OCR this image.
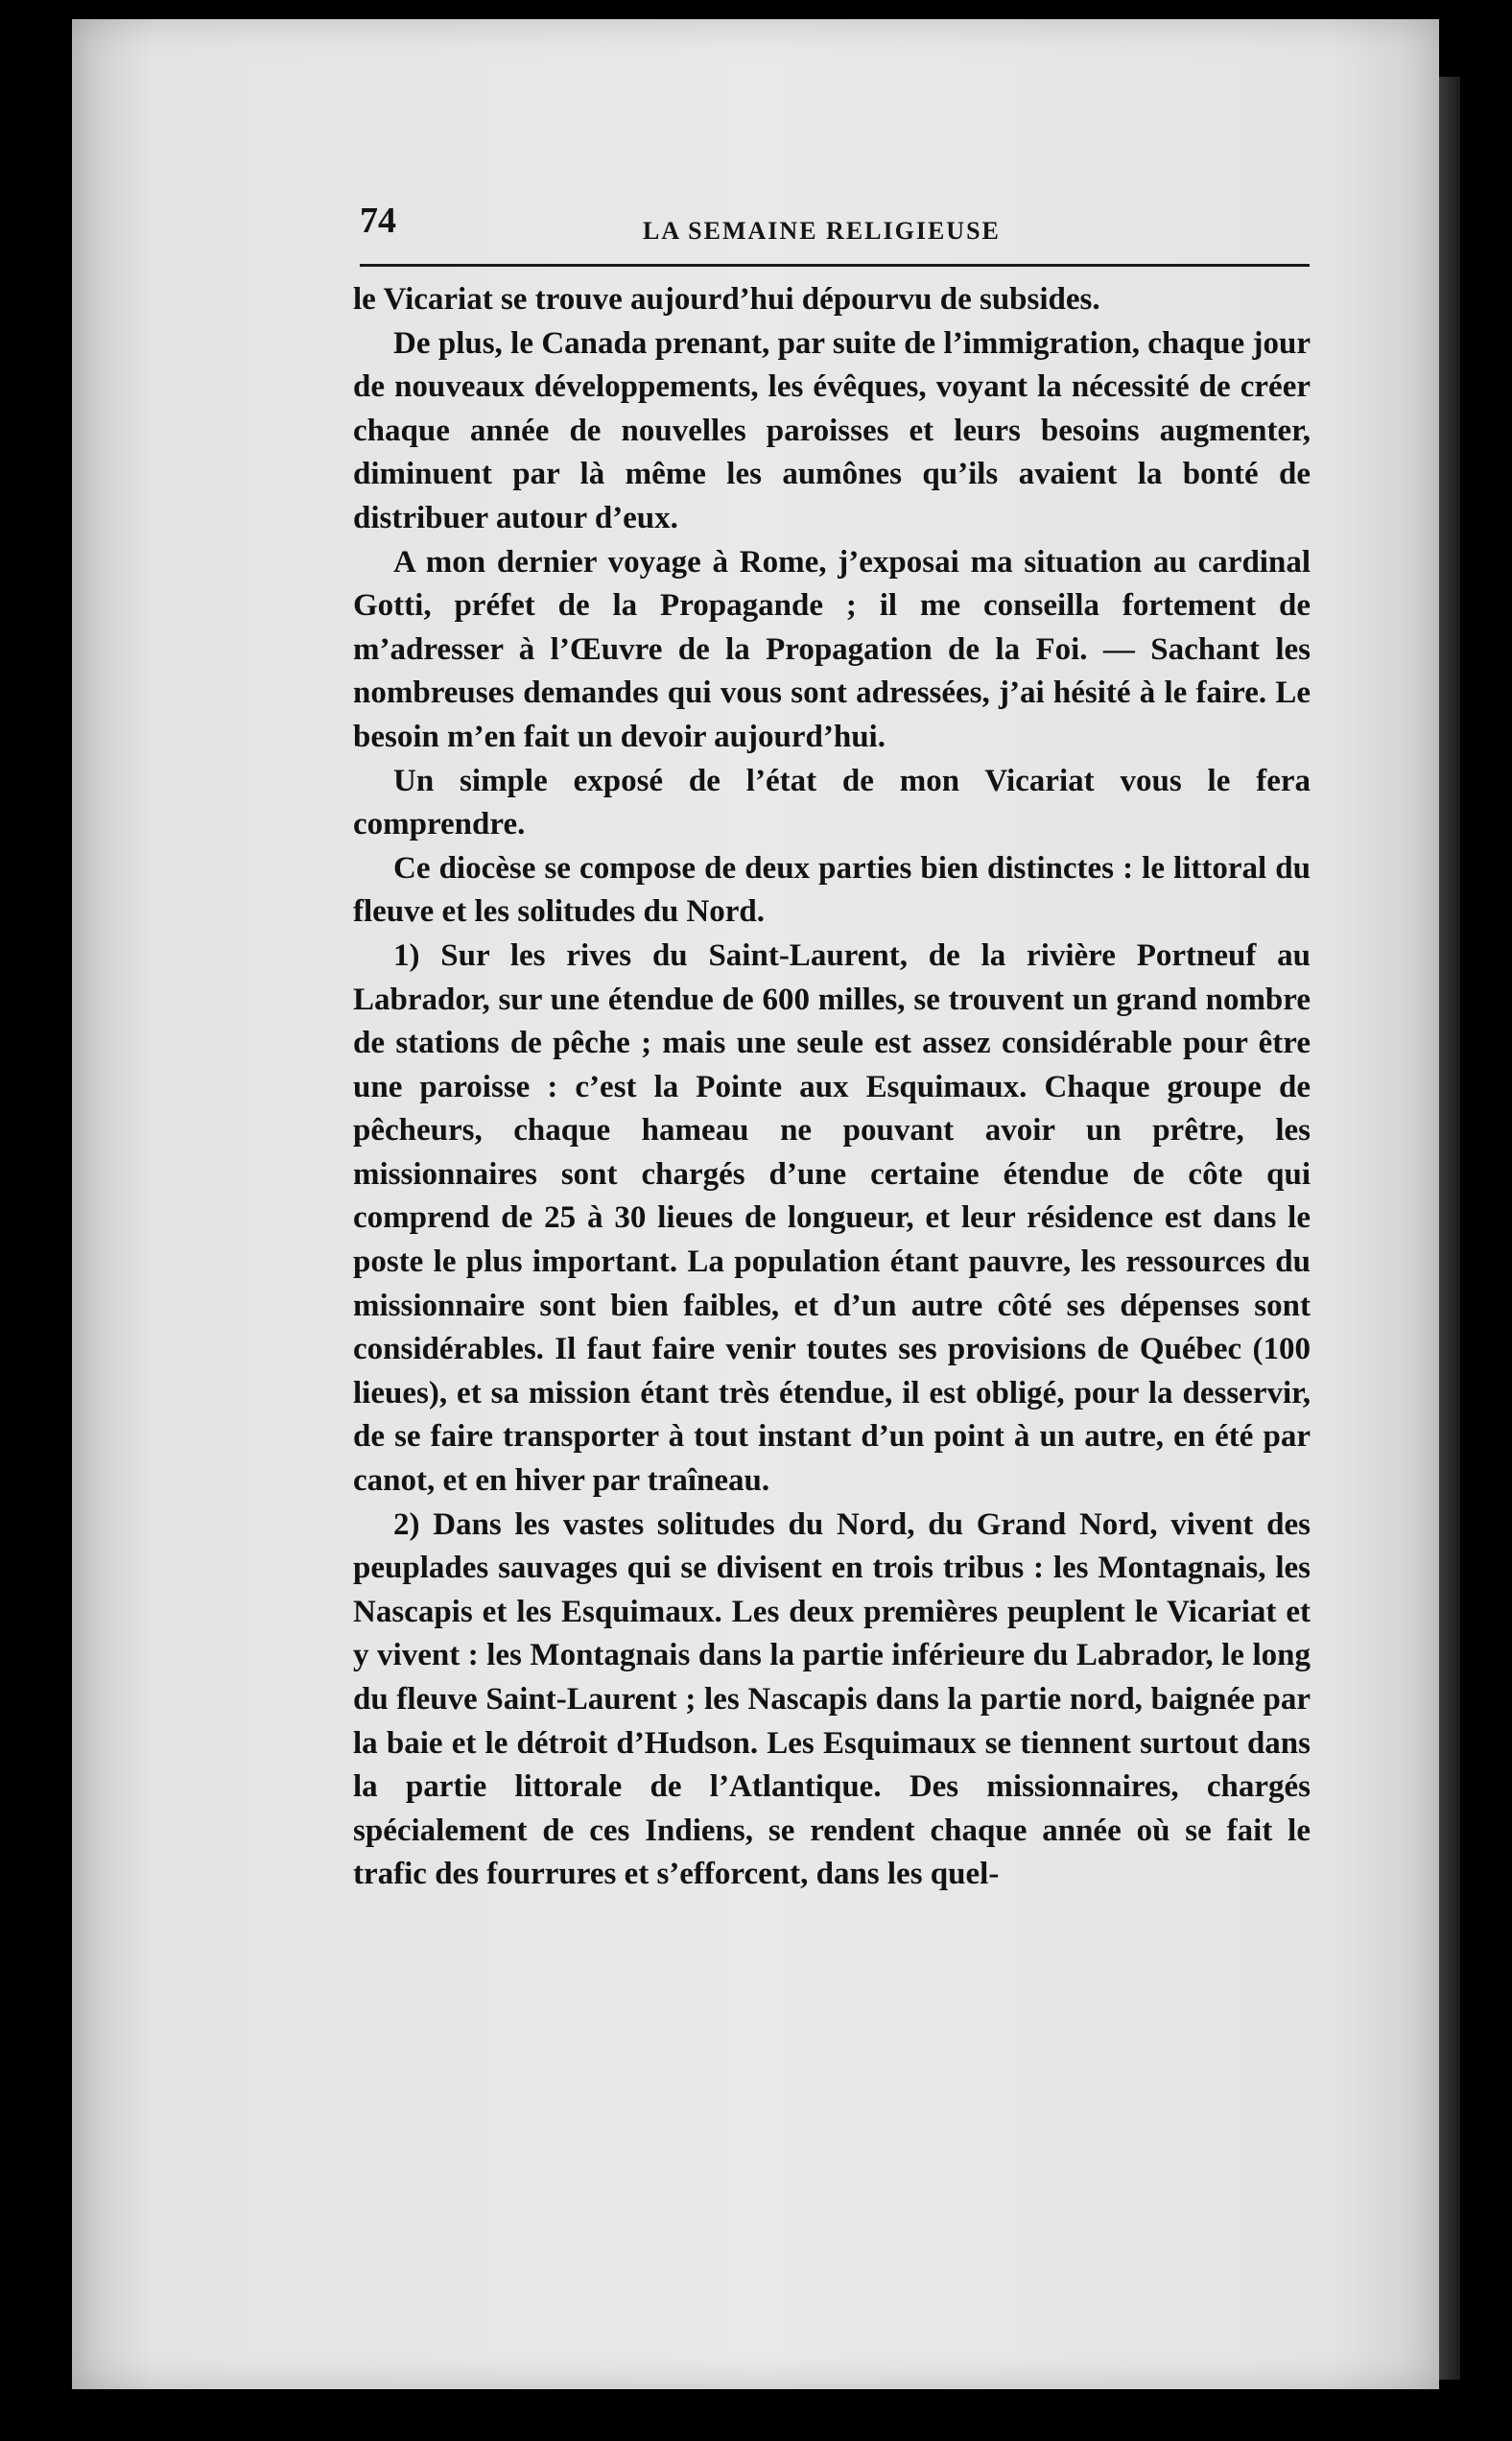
74	LA SEMAINE RELIGIEUSE

le Vicariat se trouve aujourd’hui dépourvu de subsides.

De plus, le Canada prenant, par suite de l’immigration, chaque jour de nouveaux développements, les évêques, voyant la nécessité de créer chaque année de nouvelles paroisses et leurs besoins augmenter, diminuent par là même les aumônes qu’ils avaient la bonté de distribuer autour d’eux.

A mon dernier voyage à Rome, j’exposai ma situation au cardinal Gotti, préfet de la Propagande ; il me conseilla fortement de m’adresser à l’Œuvre de la Propagation de la Foi. — Sachant les nombreuses demandes qui vous sont adressées, j’ai hésité à le faire. Le besoin m’en fait un devoir aujourd’hui.

Un simple exposé de l’état de mon Vicariat vous le fera comprendre.

Ce diocèse se compose de deux parties bien distinctes : le littoral du fleuve et les solitudes du Nord.

1) Sur les rives du Saint-Laurent, de la rivière Portneuf au Labrador, sur une étendue de 600 milles, se trouvent un grand nombre de stations de pêche ; mais une seule est assez considérable pour être une paroisse : c’est la Pointe aux Esquimaux. Chaque groupe de pêcheurs, chaque hameau ne pouvant avoir un prêtre, les missionnaires sont chargés d’une certaine étendue de côte qui comprend de 25 à 30 lieues de longueur, et leur résidence est dans le poste le plus important. La population étant pauvre, les ressources du missionnaire sont bien faibles, et d’un autre côté ses dépenses sont considérables. Il faut faire venir toutes ses provisions de Québec (100 lieues), et sa mission étant très étendue, il est obligé, pour la desservir, de se faire transporter à tout instant d’un point à un autre, en été par canot, et en hiver par traîneau.

2) Dans les vastes solitudes du Nord, du Grand Nord, vivent des peuplades sauvages qui se divisent en trois tribus : les Montagnais, les Nascapis et les Esquimaux. Les deux premières peuplent le Vicariat et y vivent : les Montagnais dans la partie inférieure du Labrador, le long du fleuve Saint-Laurent ; les Nascapis dans la partie nord, baignée par la baie et le détroit d’Hudson. Les Esquimaux se tiennent surtout dans la partie littorale de l’Atlantique. Des missionnaires, chargés spécialement de ces Indiens, se rendent chaque année où se fait le trafic des fourrures et s’efforcent, dans les quel-
